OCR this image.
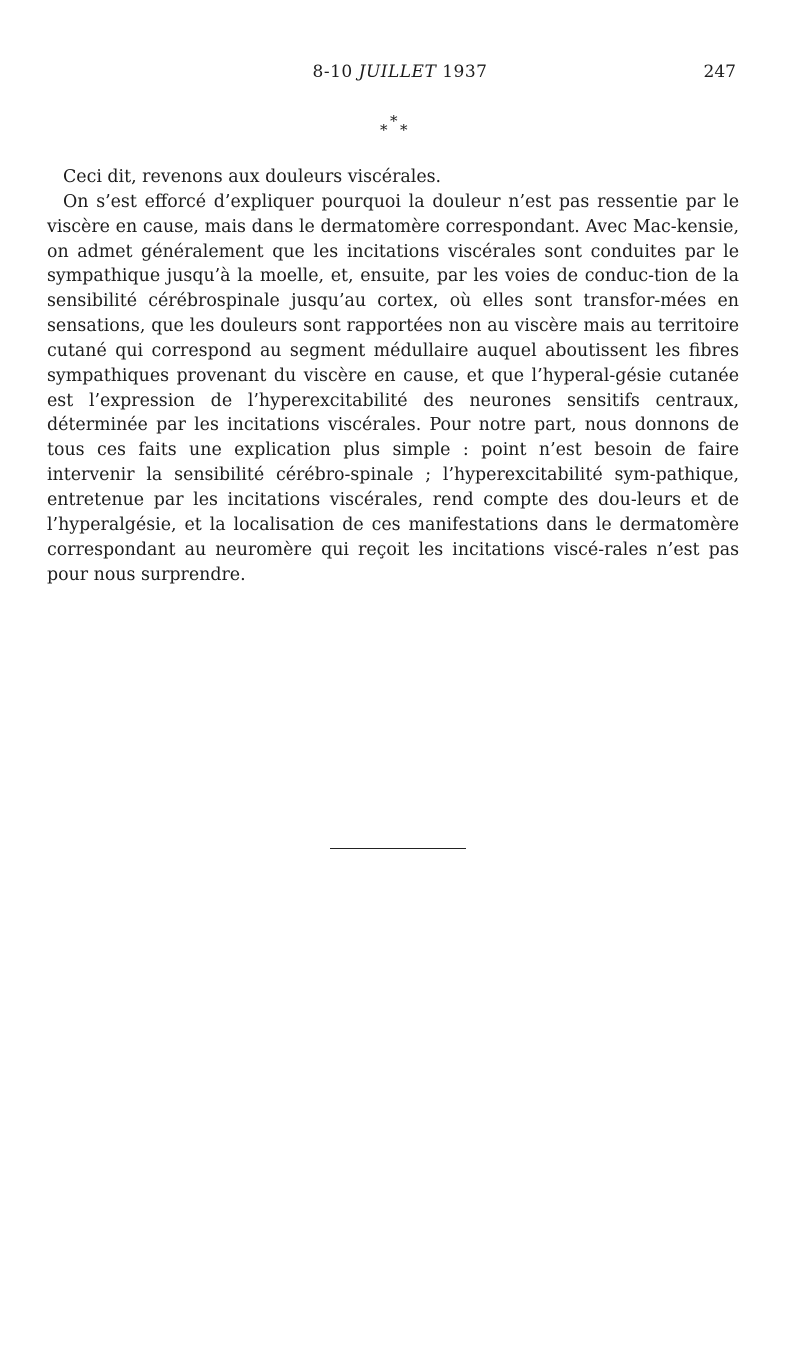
8-10 JUILLET 1937	247
*
* *

Ceci dit, revenons aux douleurs viscérales.

On s’est efforcé d’expliquer pourquoi la douleur n’est pas ressentie par le viscère en cause, mais dans le dermatomère correspondant. Avec Mac-kensie, on admet généralement que les incitations viscérales sont conduites par le sympathique jusqu’à la moelle, et, ensuite, par les voies de conduc-tion de la sensibilité cérébrospinale jusqu’au cortex, où elles sont transfor-mées en sensations, que les douleurs sont rapportées non au viscère mais au territoire cutané qui correspond au segment médullaire auquel aboutissent les fibres sympathiques provenant du viscère en cause, et que l’hyperal-gésie cutanée est l’expression de l’hyperexcitabilité des neurones sensitifs centraux, déterminée par les incitations viscérales. Pour notre part, nous donnons de tous ces faits une explication plus simple : point n’est besoin de faire intervenir la sensibilité cérébro-spinale ; l’hyperexcitabilité sym-pathique, entretenue par les incitations viscérales, rend compte des dou-leurs et de l’hyperalgésie, et la localisation de ces manifestations dans le dermatomère correspondant au neuromère qui reçoit les incitations viscé-rales n’est pas pour nous surprendre.
